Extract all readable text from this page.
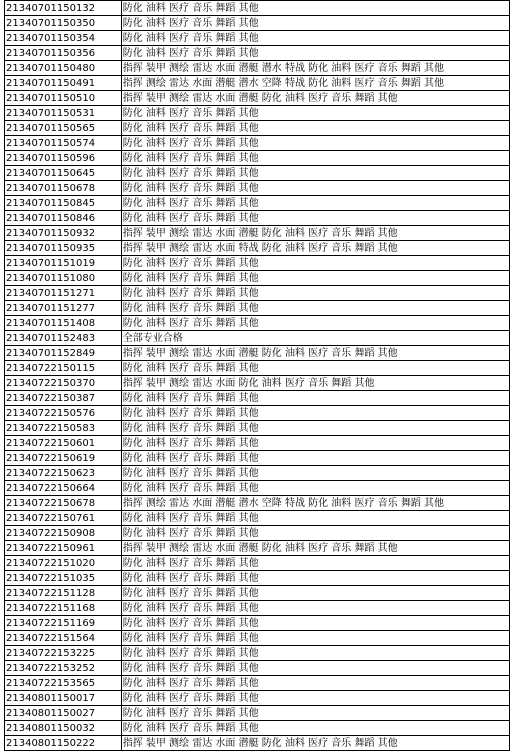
21340701150132	防化 油料 医疗 音乐 舞蹈 其他
21340701150350	防化 油料 医疗 音乐 舞蹈 其他
21340701150354	防化 油料 医疗 音乐 舞蹈 其他
21340701150356	防化 油料 医疗 音乐 舞蹈 其他
21340701150480	指挥 装甲 测绘 雷达 水面 潜艇 潜水 特战 防化 油料 医疗 音乐 舞蹈 其他
21340701150491	指挥 测绘 雷达 水面 潜艇 潜水 空降 特战 防化 油料 医疗 音乐 舞蹈 其他
21340701150510	指挥 装甲 测绘 雷达 水面 潜艇 防化 油料 医疗 音乐 舞蹈 其他
21340701150531	防化 油料 医疗 音乐 舞蹈 其他
21340701150565	防化 油料 医疗 音乐 舞蹈 其他
21340701150574	防化 油料 医疗 音乐 舞蹈 其他
21340701150596	防化 油料 医疗 音乐 舞蹈 其他
21340701150645	防化 油料 医疗 音乐 舞蹈 其他
21340701150678	防化 油料 医疗 音乐 舞蹈 其他
21340701150845	防化 油料 医疗 音乐 舞蹈 其他
21340701150846	防化 油料 医疗 音乐 舞蹈 其他
21340701150932	指挥 装甲 测绘 雷达 水面 潜艇 防化 油料 医疗 音乐 舞蹈 其他
21340701150935	指挥 装甲 测绘 雷达 水面 特战 防化 油料 医疗 音乐 舞蹈 其他
21340701151019	防化 油料 医疗 音乐 舞蹈 其他
21340701151080	防化 油料 医疗 音乐 舞蹈 其他
21340701151271	防化 油料 医疗 音乐 舞蹈 其他
21340701151277	防化 油料 医疗 音乐 舞蹈 其他
21340701151408	防化 油料 医疗 音乐 舞蹈 其他
21340701152483	全部专业合格
21340701152849	指挥 装甲 测绘 雷达 水面 潜艇 防化 油料 医疗 音乐 舞蹈 其他
21340722150115	防化 油料 医疗 音乐 舞蹈 其他
21340722150370	指挥 装甲 测绘 雷达 水面 防化 油料 医疗 音乐 舞蹈 其他
21340722150387	防化 油料 医疗 音乐 舞蹈 其他
21340722150576	防化 油料 医疗 音乐 舞蹈 其他
21340722150583	防化 油料 医疗 音乐 舞蹈 其他
21340722150601	防化 油料 医疗 音乐 舞蹈 其他
21340722150619	防化 油料 医疗 音乐 舞蹈 其他
21340722150623	防化 油料 医疗 音乐 舞蹈 其他
21340722150664	防化 油料 医疗 音乐 舞蹈 其他
21340722150678	指挥 测绘 雷达 水面 潜艇 潜水 空降 特战 防化 油料 医疗 音乐 舞蹈 其他
21340722150761	防化 油料 医疗 音乐 舞蹈 其他
21340722150908	防化 油料 医疗 音乐 舞蹈 其他
21340722150961	指挥 装甲 测绘 雷达 水面 潜艇 防化 油料 医疗 音乐 舞蹈 其他
21340722151020	防化 油料 医疗 音乐 舞蹈 其他
21340722151035	防化 油料 医疗 音乐 舞蹈 其他
21340722151128	防化 油料 医疗 音乐 舞蹈 其他
21340722151168	防化 油料 医疗 音乐 舞蹈 其他
21340722151169	防化 油料 医疗 音乐 舞蹈 其他
21340722151564	防化 油料 医疗 音乐 舞蹈 其他
21340722153225	防化 油料 医疗 音乐 舞蹈 其他
21340722153252	防化 油料 医疗 音乐 舞蹈 其他
21340722153565	防化 油料 医疗 音乐 舞蹈 其他
21340801150017	防化 油料 医疗 音乐 舞蹈 其他
21340801150027	防化 油料 医疗 音乐 舞蹈 其他
21340801150032	防化 油料 医疗 音乐 舞蹈 其他
21340801150222	指挥 装甲 测绘 雷达 水面 潜艇 防化 油料 医疗 音乐 舞蹈 其他
